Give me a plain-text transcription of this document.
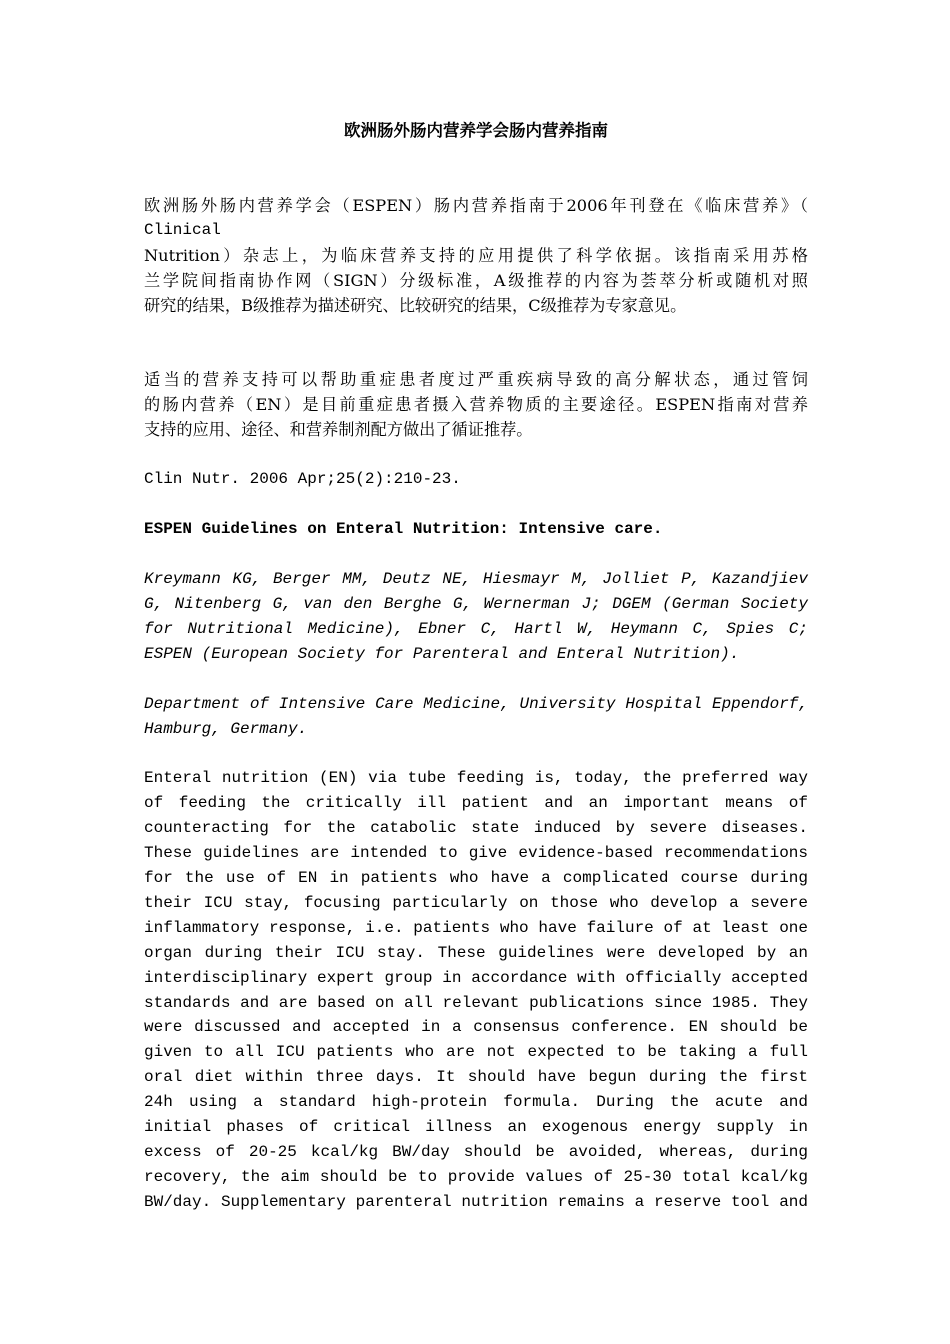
欧洲肠外肠内营养学会肠内营养指南
欧洲肠外肠内营养学会（ESPEN）肠内营养指南于2006年刊登在《临床营养》（
Clinical
Nutrition）杂志上，为临床营养支持的应用提供了科学依据。该指南采用苏格
兰学院间指南协作网（SIGN）分级标准，A级推荐的内容为荟萃分析或随机对照
研究的结果，B级推荐为描述研究、比较研究的结果，C级推荐为专家意见。
适当的营养支持可以帮助重症患者度过严重疾病导致的高分解状态，通过管饲
的肠内营养（EN）是目前重症患者摄入营养物质的主要途径。ESPEN指南对营养
支持的应用、途径、和营养制剂配方做出了循证推荐。
Clin Nutr. 2006 Apr;25(2):210-23.
ESPEN Guidelines on Enteral Nutrition: Intensive care.
Kreymann KG, Berger MM, Deutz NE, Hiesmayr M, Jolliet P, Kazandjiev
G, Nitenberg G, van den Berghe G, Wernerman J; DGEM (German Society
for Nutritional Medicine), Ebner C, Hartl W, Heymann C, Spies C;
ESPEN (European Society for Parenteral and Enteral Nutrition).
Department of Intensive Care Medicine, University Hospital Eppendorf,
Hamburg, Germany.
Enteral nutrition (EN) via tube feeding is, today, the preferred way
of feeding the critically ill patient and an important means of
counteracting for the catabolic state induced by severe diseases.
These guidelines are intended to give evidence-based recommendations
for the use of EN in patients who have a complicated course during
their ICU stay, focusing particularly on those who develop a severe
inflammatory response, i.e. patients who have failure of at least one
organ during their ICU stay. These guidelines were developed by an
interdisciplinary expert group in accordance with officially accepted
standards and are based on all relevant publications since 1985. They
were discussed and accepted in a consensus conference. EN should be
given to all ICU patients who are not expected to be taking a full
oral diet within three days. It should have begun during the first
24h using a standard high-protein formula. During the acute and
initial phases of critical illness an exogenous energy supply in
excess of 20-25 kcal/kg BW/day should be avoided, whereas, during
recovery, the aim should be to provide values of 25-30 total kcal/kg
BW/day. Supplementary parenteral nutrition remains a reserve tool and
